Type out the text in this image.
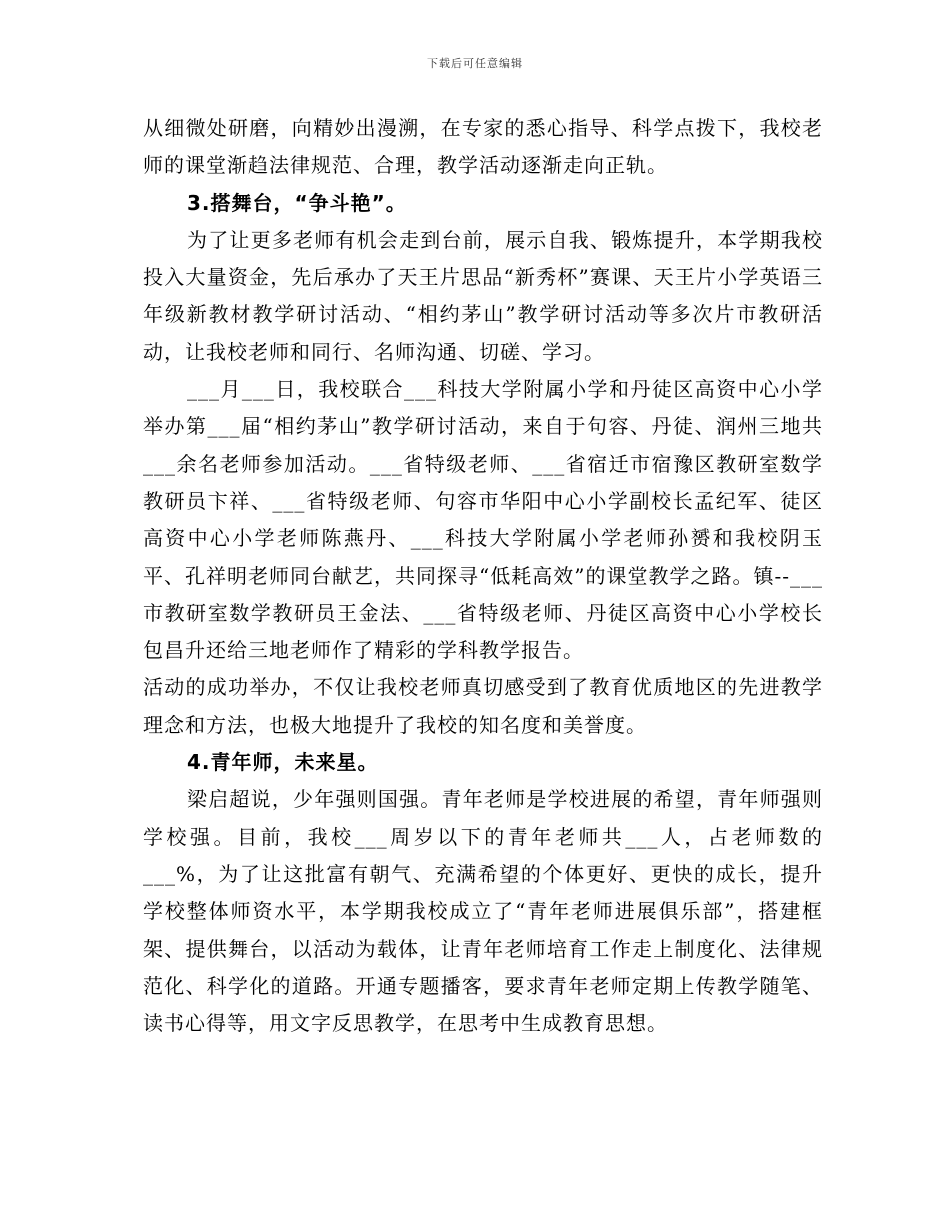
下载后可任意编辑

从细微处研磨，向精妙出漫溯，在专家的悉心指导、科学点拨下，我校老师的课堂渐趋法律规范、合理，教学活动逐渐走向正轨。

3.搭舞台，“争斗艳”。

为了让更多老师有机会走到台前，展示自我、锻炼提升，本学期我校投入大量资金，先后承办了天王片思品“新秀杯”赛课、天王片小学英语三年级新教材教学研讨活动、“相约茅山”教学研讨活动等多次片市教研活动，让我校老师和同行、名师沟通、切磋、学习。

___月___日，我校联合___科技大学附属小学和丹徒区高资中心小学举办第___届“相约茅山”教学研讨活动，来自于句容、丹徒、润州三地共___余名老师参加活动。___省特级老师、___省宿迁市宿豫区教研室数学教研员卞祥、___省特级老师、句容市华阳中心小学副校长孟纪军、徒区高资中心小学老师陈燕丹、___科技大学附属小学老师孙赟和我校阴玉平、孔祥明老师同台献艺，共同探寻“低耗高效”的课堂教学之路。镇--___市教研室数学教研员王金法、___省特级老师、丹徒区高资中心小学校长包昌升还给三地老师作了精彩的学科教学报告。

活动的成功举办，不仅让我校老师真切感受到了教育优质地区的先进教学理念和方法，也极大地提升了我校的知名度和美誉度。

4.青年师，未来星。

梁启超说，少年强则国强。青年老师是学校进展的希望，青年师强则学校强。目前，我校___周岁以下的青年老师共___人，占老师数的___%，为了让这批富有朝气、充满希望的个体更好、更快的成长，提升学校整体师资水平，本学期我校成立了“青年老师进展俱乐部”，搭建框架、提供舞台，以活动为载体，让青年老师培育工作走上制度化、法律规范化、科学化的道路。开通专题播客，要求青年老师定期上传教学随笔、读书心得等，用文字反思教学，在思考中生成教育思想。
